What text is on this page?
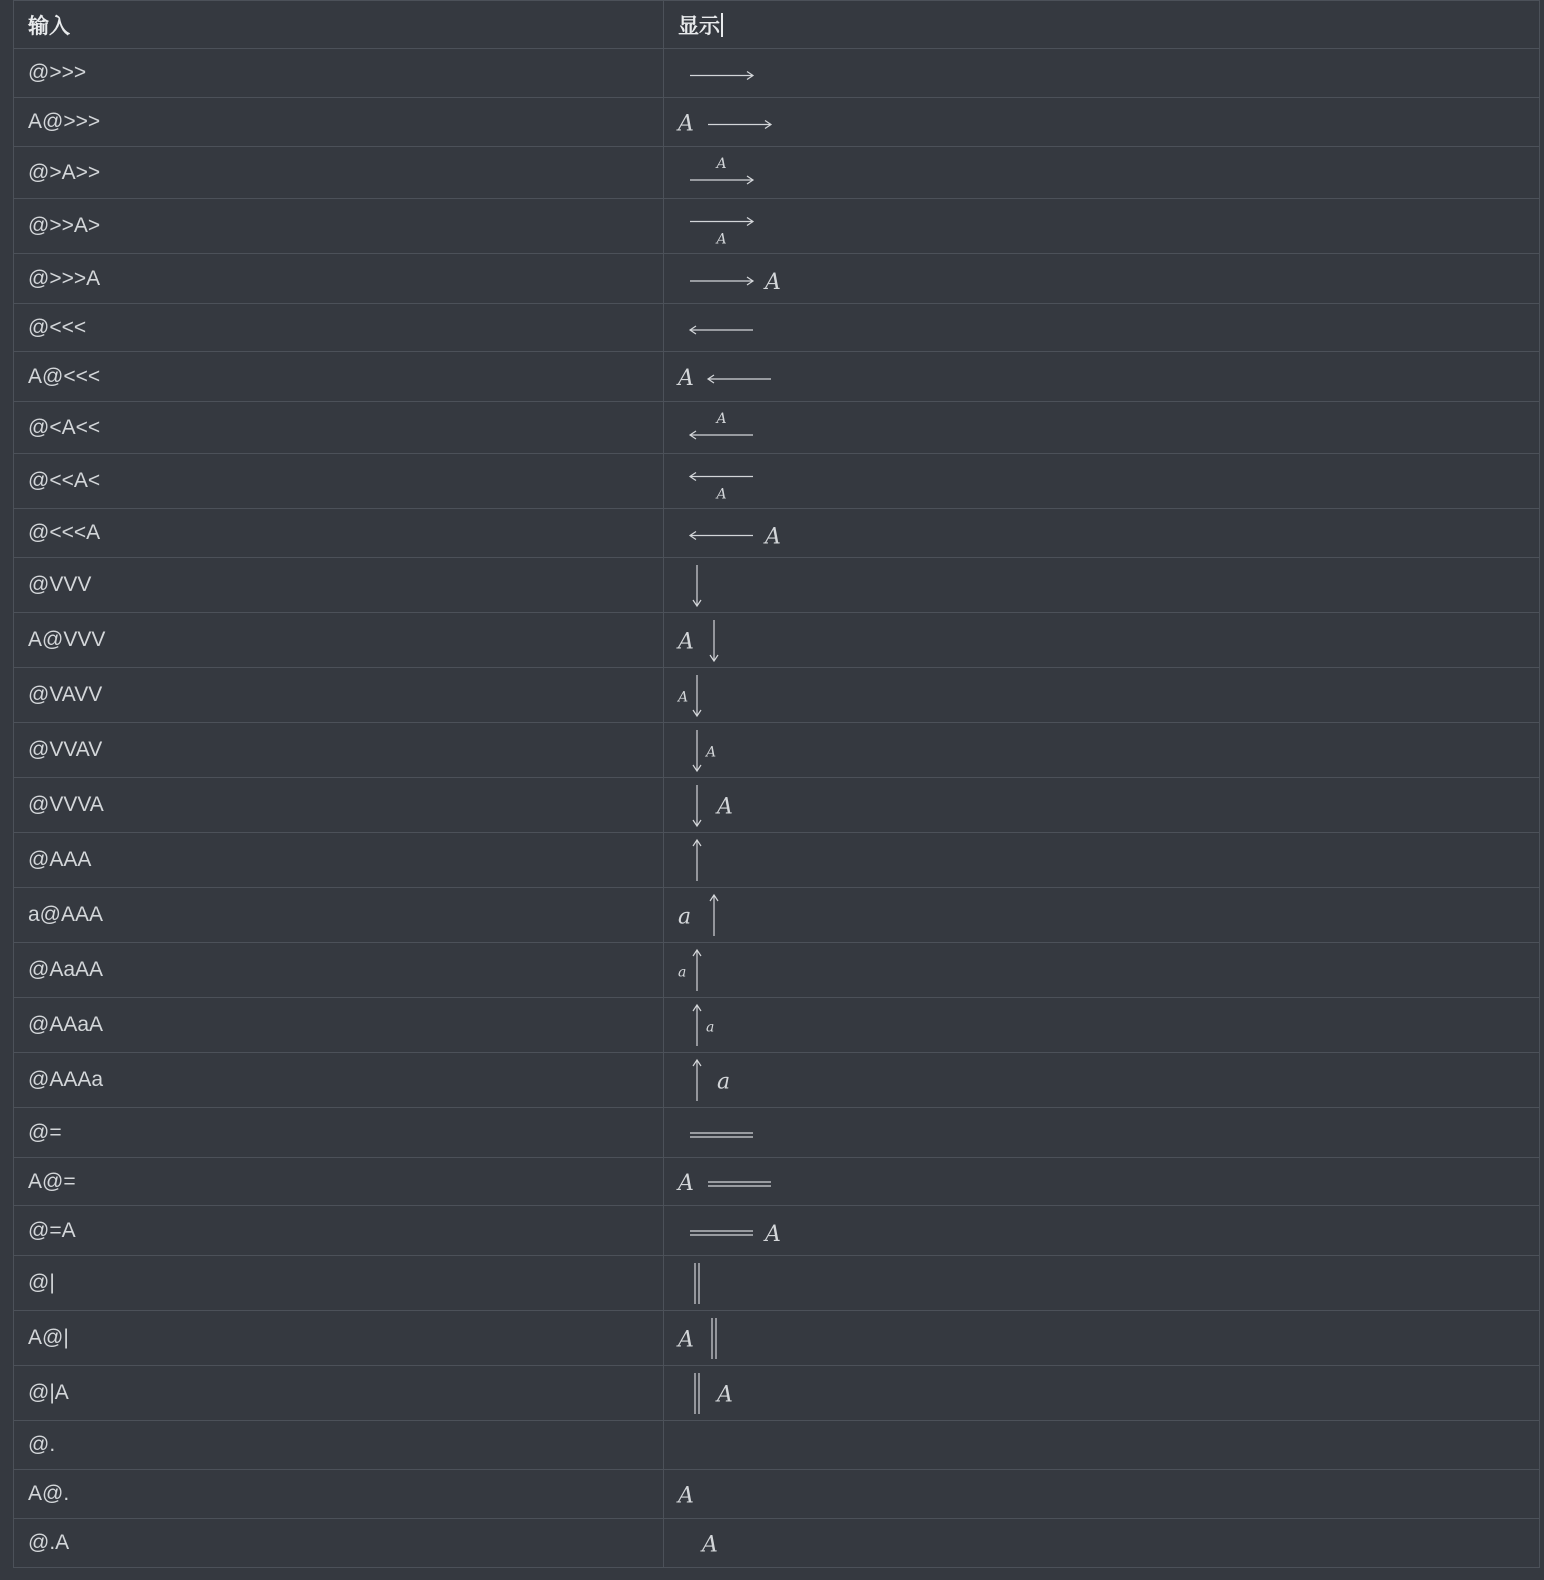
输入	显示
@>>>	

A@>>>	A

@>A>>	A

@>>A>	A

@>>>A	A

@<<<	

A@<<<	A

@<A<<	A

@<<A<	A

@<<<A	A

@VVV	

A@VVV	A

@VAVV	A

@VVAV	A

@VVVA	A

@AAA	

a@AAA	a

@AaAA	a

@AAaA	a

@AAAa	a

@=	

A@=	A

@=A	A

@|	

A@|	A

@|A	A

@.	

A@.	A

@.A	A
